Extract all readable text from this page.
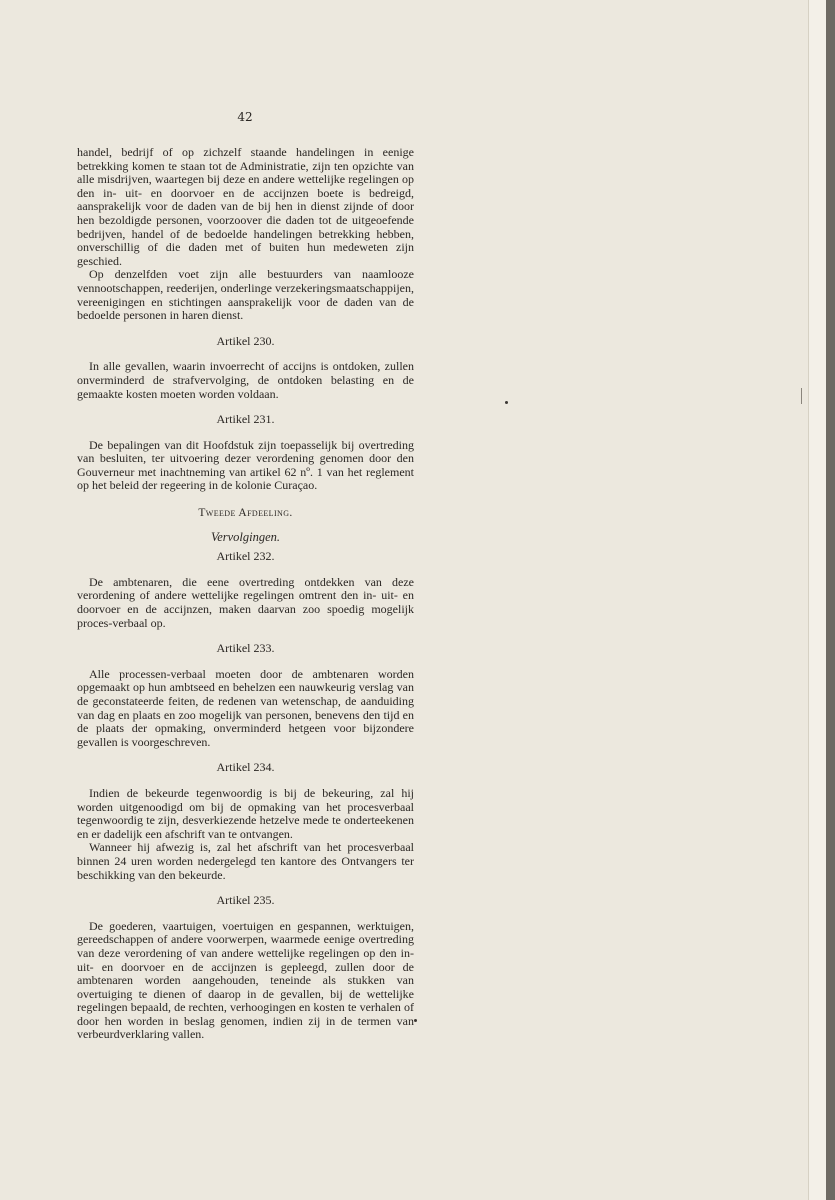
42

handel, bedrijf of op zichzelf staande handelingen in eenige betrekking komen te staan tot de Administratie, zijn ten opzichte van alle misdrijven, waartegen bij deze en andere wettelijke regelingen op den in- uit- en doorvoer en de accijnzen boete is bedreigd, aansprakelijk voor de daden van de bij hen in dienst zijnde of door hen bezoldigde personen, voorzoover die daden tot de uitgeoefende bedrijven, handel of de bedoelde handelingen betrekking hebben, onverschillig of die daden met of buiten hun medeweten zijn geschied.

Op denzelfden voet zijn alle bestuurders van naamlooze vennootschappen, reederijen, onderlinge verzekeringsmaatschappijen, vereenigingen en stichtingen aansprakelijk voor de daden van de bedoelde personen in haren dienst.

Artikel 230.

In alle gevallen, waarin invoerrecht of accijns is ontdoken, zullen onverminderd de strafvervolging, de ontdoken belasting en de gemaakte kosten moeten worden voldaan.

Artikel 231.

De bepalingen van dit Hoofdstuk zijn toepasselijk bij overtreding van besluiten, ter uitvoering dezer verordening genomen door den Gouverneur met inachtneming van artikel 62 nº. 1 van het reglement op het beleid der regeering in de kolonie Curaçao.

Tweede Afdeeling.
Vervolgingen.
Artikel 232.

De ambtenaren, die eene overtreding ontdekken van deze verordening of andere wettelijke regelingen omtrent den in- uit- en doorvoer en de accijnzen, maken daarvan zoo spoedig mogelijk proces-verbaal op.

Artikel 233.

Alle processen-verbaal moeten door de ambtenaren worden opgemaakt op hun ambtseed en behelzen een nauwkeurig verslag van de geconstateerde feiten, de redenen van wetenschap, de aanduiding van dag en plaats en zoo mogelijk van personen, benevens den tijd en de plaats der opmaking, onverminderd hetgeen voor bijzondere gevallen is voorgeschreven.

Artikel 234.

Indien de bekeurde tegenwoordig is bij de bekeuring, zal hij worden uitgenoodigd om bij de opmaking van het procesverbaal tegenwoordig te zijn, desverkiezende hetzelve mede te onderteekenen en er dadelijk een afschrift van te ontvangen.

Wanneer hij afwezig is, zal het afschrift van het procesverbaal binnen 24 uren worden nedergelegd ten kantore des Ontvangers ter beschikking van den bekeurde.

Artikel 235.

De goederen, vaartuigen, voertuigen en gespannen, werktuigen, gereedschappen of andere voorwerpen, waarmede eenige overtreding van deze verordening of van andere wettelijke regelingen op den in- uit- en doorvoer en de accijnzen is gepleegd, zullen door de ambtenaren worden aangehouden, teneinde als stukken van overtuiging te dienen of daarop in de gevallen, bij de wettelijke regelingen bepaald, de rechten, verhoogingen en kosten te verhalen of door hen worden in beslag genomen, indien zij in de termen van verbeurdverklaring vallen.
